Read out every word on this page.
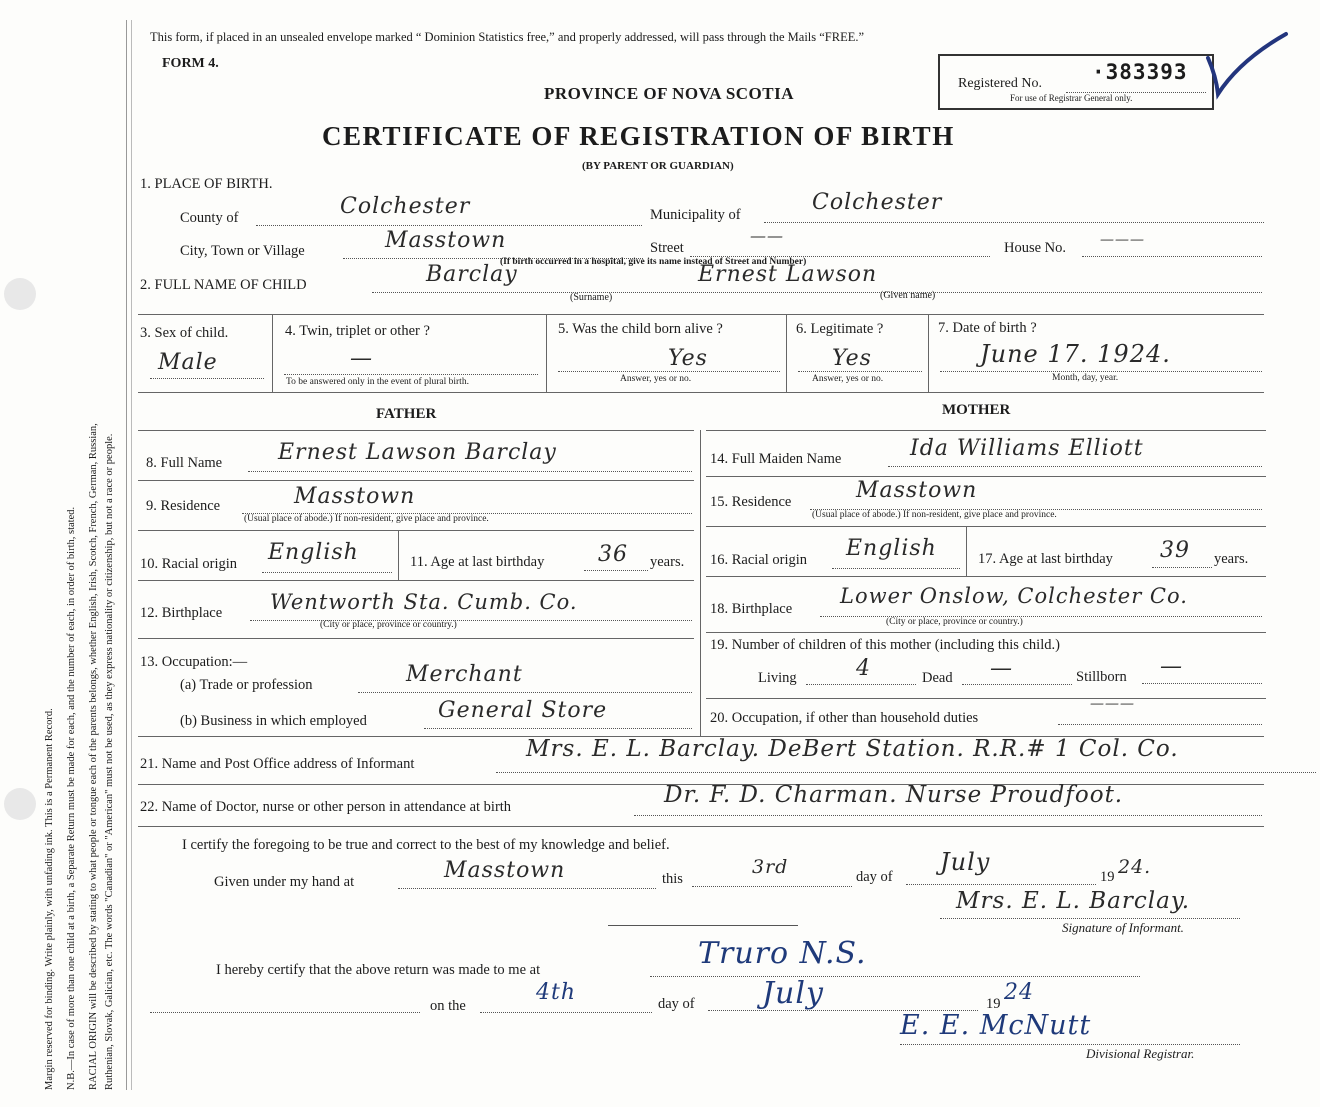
Margin reserved for binding. Write plainly, with unfading ink. This is a Permanent Record. N.B.—In case of more than one child at a birth, a Separate Return must be made for each, and the number of each, in order of birth, stated. RACIAL ORIGIN will be described by stating to what people or tongue each of the parents belongs, whether English, Irish, Scotch, French, German, Russian, Ruthenian, Slovak, Galician, etc. The words "Canadian" or "American" must not be used, as they express nationality or citizenship, but not a race or people.
This form, if placed in an unsealed envelope marked “ Dominion Statistics free,” and properly addressed, will pass through the Mails “FREE.”
FORM 4.
Registered No. ·383393
For use of Registrar General only.
PROVINCE OF NOVA SCOTIA
CERTIFICATE OF REGISTRATION OF BIRTH
(BY PARENT OR GUARDIAN)
1. PLACE OF BIRTH.
County of	Colchester	Municipality of	Colchester
City, Town or Village	Masstown	Street
——
House No. ———
(If birth occurred in a hospital, give its name instead of Street and Number)
2. FULL NAME OF CHILD	Barclay
(Surname)
Ernest Lawson
(Given name)
3. Sex of child.
Male
4. Twin, triplet or other ?
—
To be answered only in the event of plural birth.
5. Was the child born alive ?
Yes
Answer, yes or no.
6. Legitimate ?
Yes
Answer, yes or no.
7. Date of birth ?
June 17. 1924.
Month, day, year.
FATHER	MOTHER
8. Full Name	Ernest Lawson Barclay
9. Residence	Masstown
(Usual place of abode.) If non-resident, give place and province.
10. Racial origin English	11. Age at last birthday 36 years.
12. Birthplace Wentworth Sta. Cumb. Co.
(City or place, province or country.)
13. Occupation:—
(a) Trade or profession	Merchant
(b) Business in which employed	General Store
14. Full Maiden Name	Ida Williams Elliott
15. Residence	Masstown
(Usual place of abode.) If non-resident, give place and province.
16. Racial origin English	17. Age at last birthday 39 years.
18. Birthplace
Lower Onslow, Colchester Co.
(City or place, province or country.)
19. Number of children of this mother (including this child.)
Living	4	Dead —	Stillborn —
20. Occupation, if other than household duties
———
21. Name and Post Office address of Informant
Mrs. E. L. Barclay. DeBert Station. R.R.# 1 Col. Co.
22. Name of Doctor, nurse or other person in attendance at birth	Dr. F. D. Charman. Nurse Proudfoot.
I certify the foregoing to be true and correct to the best of my knowledge and belief.
Given under my hand at	Masstown	this
3rd	day of
July
19 24.
Mrs. E. L. Barclay.
Signature of Informant.
I hereby certify that the above return was made to me at	Truro N.S.
on the
4th	day of July	19 24
E. E. McNutt
Divisional Registrar.
